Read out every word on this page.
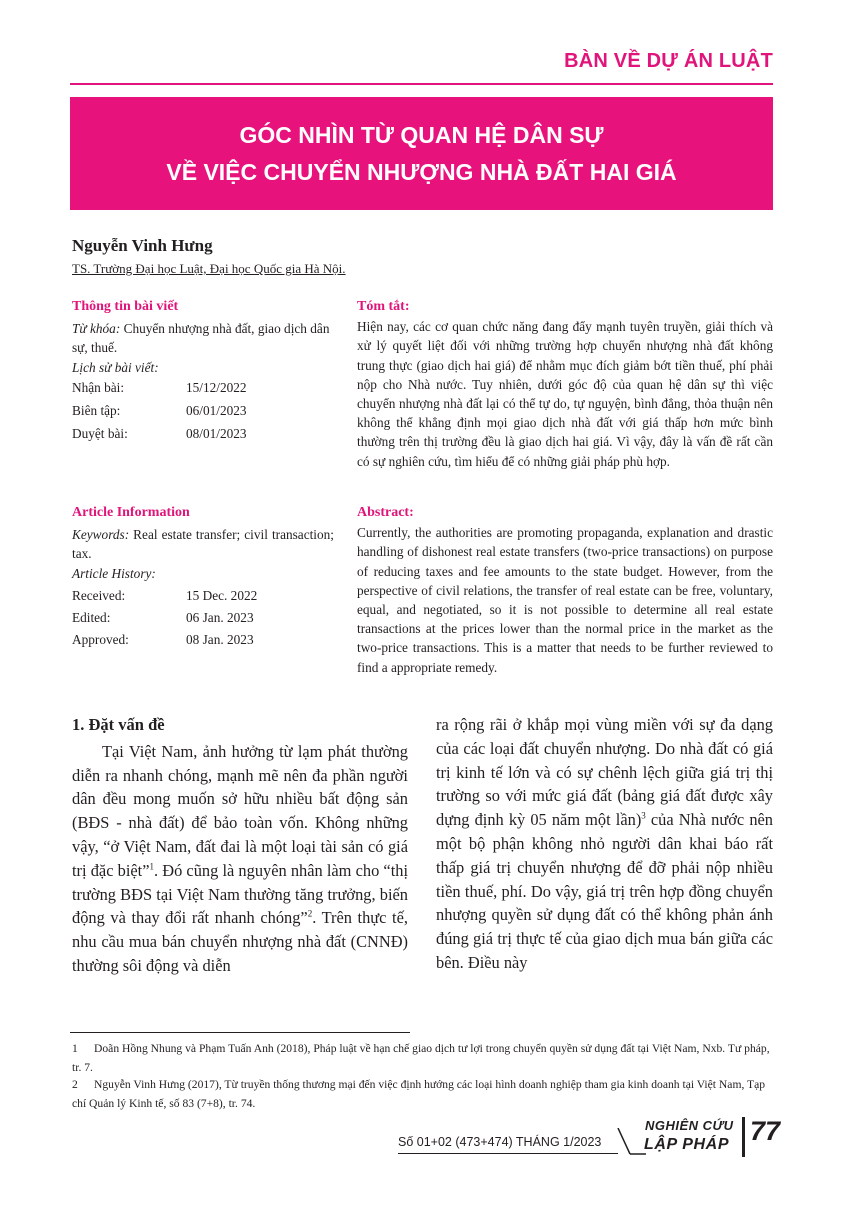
BÀN VỀ DỰ ÁN LUẬT
GÓC NHÌN TỪ QUAN HỆ DÂN SỰ
VỀ VIỆC CHUYỂN NHƯỢNG NHÀ ĐẤT HAI GIÁ
Nguyễn Vinh Hưng
TS. Trường Đại học Luật, Đại học Quốc gia Hà Nội.
Thông tin bài viết
Từ khóa: Chuyển nhượng nhà đất, giao dịch dân sự, thuế.
Lịch sử bài viết:
Nhận bài:	15/12/2022
Biên tập:	06/01/2023
Duyệt bài:	08/01/2023
Tóm tắt:
Hiện nay, các cơ quan chức năng đang đẩy mạnh tuyên truyền, giải thích và xử lý quyết liệt đối với những trường hợp chuyển nhượng nhà đất không trung thực (giao dịch hai giá) để nhằm mục đích giảm bớt tiền thuế, phí phải nộp cho Nhà nước. Tuy nhiên, dưới góc độ của quan hệ dân sự thì việc chuyển nhượng nhà đất lại có thể tự do, tự nguyện, bình đẳng, thỏa thuận nên không thể khẳng định mọi giao dịch nhà đất với giá thấp hơn mức bình thường trên thị trường đều là giao dịch hai giá. Vì vậy, đây là vấn đề rất cần có sự nghiên cứu, tìm hiểu để có những giải pháp phù hợp.
Article Information
Keywords: Real estate transfer; civil transaction; tax.
Article History:
Received:	15 Dec. 2022
Edited:	06 Jan. 2023
Approved:	08 Jan. 2023
Abstract:
Currently, the authorities are promoting propaganda, explanation and drastic handling of dishonest real estate transfers (two-price transactions) on purpose of reducing taxes and fee amounts to the state budget. However, from the perspective of civil relations, the transfer of real estate can be free, voluntary, equal, and negotiated, so it is not possible to determine all real estate transactions at the prices lower than the normal price in the market as the two-price transactions. This is a matter that needs to be further reviewed to find a appropriate remedy.
1. Đặt vấn đề
Tại Việt Nam, ảnh hưởng từ lạm phát thường diễn ra nhanh chóng, mạnh mẽ nên đa phần người dân đều mong muốn sở hữu nhiều bất động sản (BĐS - nhà đất) để bảo toàn vốn. Không những vậy, “ở Việt Nam, đất đai là một loại tài sản có giá trị đặc biệt”$^1$. Đó cũng là nguyên nhân làm cho “thị trường BĐS tại Việt Nam thường tăng trưởng, biến động và thay đổi rất nhanh chóng”$^2$. Trên thực tế, nhu cầu mua bán chuyển nhượng nhà đất (CNNĐ) thường sôi động và diễn
ra rộng rãi ở khắp mọi vùng miền với sự đa dạng của các loại đất chuyển nhượng. Do nhà đất có giá trị kinh tế lớn và có sự chênh lệch giữa giá trị thị trường so với mức giá đất (bảng giá đất được xây dựng định kỳ 05 năm một lần)$^3$ của Nhà nước nên một bộ phận không nhỏ người dân khai báo rất thấp giá trị chuyển nhượng để đỡ phải nộp nhiều tiền thuế, phí. Do vậy, giá trị trên hợp đồng chuyển nhượng quyền sử dụng đất có thể không phản ánh đúng giá trị thực tế của giao dịch mua bán giữa các bên. Điều này
1 Doãn Hồng Nhung và Phạm Tuấn Anh (2018), Pháp luật về hạn chế giao dịch tư lợi trong chuyển quyền sử dụng đất tại Việt Nam, Nxb. Tư pháp, tr. 7.
2 Nguyễn Vinh Hưng (2017), Từ truyền thống thương mại đến việc định hướng các loại hình doanh nghiệp tham gia kinh doanh tại Việt Nam, Tạp chí Quản lý Kinh tế, số 83 (7+8), tr. 74.
Số 01+02 (473+474) THÁNG 1/2023
NGHIÊN CỨU
LẬP PHÁP 77
